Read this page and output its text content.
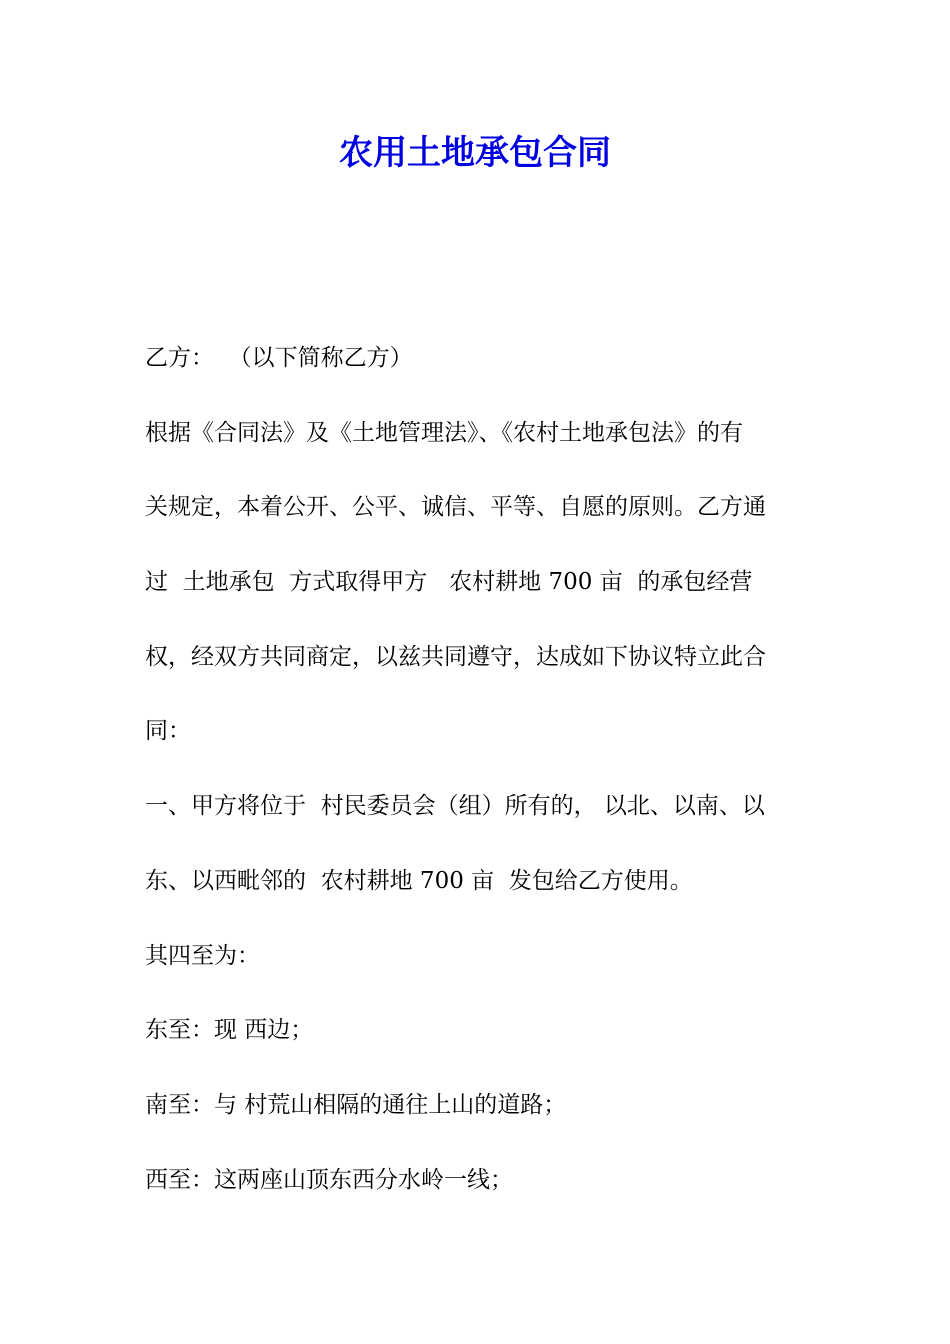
农用土地承包合同
乙方：  （以下简称乙方）
根据《合同法》及《土地管理法》、《农村土地承包法》的有
关规定，本着公开、公平、诚信、平等、自愿的原则。乙方通
过  土地承包  方式取得甲方   农村耕地 700 亩  的承包经营
权，经双方共同商定，以兹共同遵守，达成如下协议特立此合
同：
一、甲方将位于  村民委员会（组）所有的， 以北、以南、以
东、以西毗邻的  农村耕地 700 亩  发包给乙方使用。
其四至为：
东至：现 西边；
南至：与 村荒山相隔的通往上山的道路；
西至：这两座山顶东西分水岭一线；
